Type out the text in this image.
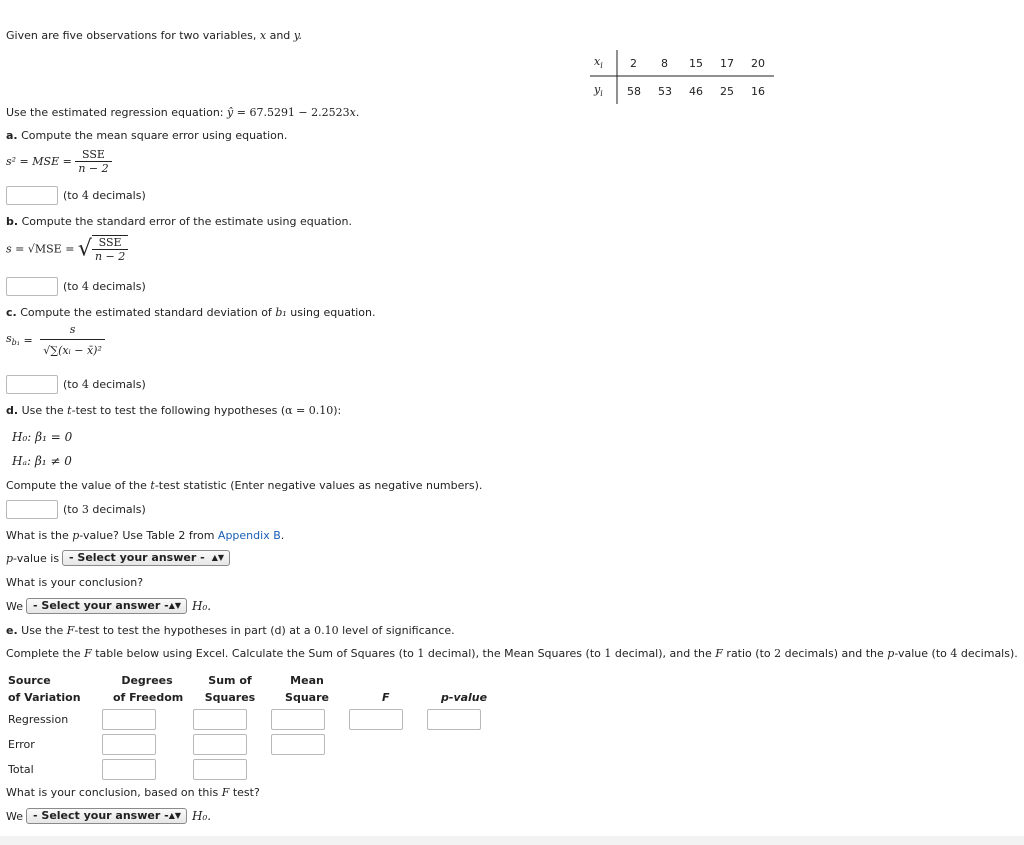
Given are five observations for two variables, x and y.
$x_i$
$y_i$
2 8 15 17 20
58 53 46 25 16
Use the estimated regression equation: ŷ = 67.5291 − 2.2523x.
a. Compute the mean square error using equation.
s² = MSE = $\frac{\text{SSE}}{n - 2}$
(to 4 decimals)
b. Compute the standard error of the estimate using equation.
s = √MSE = √ $\frac{\text{SSE}}{n - 2}$
(to 4 decimals)
c. Compute the estimated standard deviation of b₁ using equation.
$s_{b_1} = \frac{s}{\text{√∑(xᵢ − x̄)²}}$
(to 4 decimals)
d. Use the t-test to test the following hypotheses (α = 0.10):
H₀: β₁ = 0
Hₐ: β₁ ≠ 0
Compute the value of the t-test statistic (Enter negative values as negative numbers).
(to 3 decimals)
What is the p-value? Use Table 2 from Appendix B.
p-value is - Select your answer - ▲▼
What is your conclusion?
We - Select your answer - ▲▼ H₀.
e. Use the F-test to test the hypotheses in part (d) at a 0.10 level of significance.
Complete the F table below using Excel. Calculate the Sum of Squares (to 1 decimal), the Mean Squares (to 1 decimal), and the F ratio (to 2 decimals) and the p-value (to 4 decimals).
Source
of Variation
Degrees
of Freedom
Sum of
Squares
Mean
Square	F	p-value
Regression
Error
Total
What is your conclusion, based on this F test?
We - Select your answer - ▲▼ H₀.
